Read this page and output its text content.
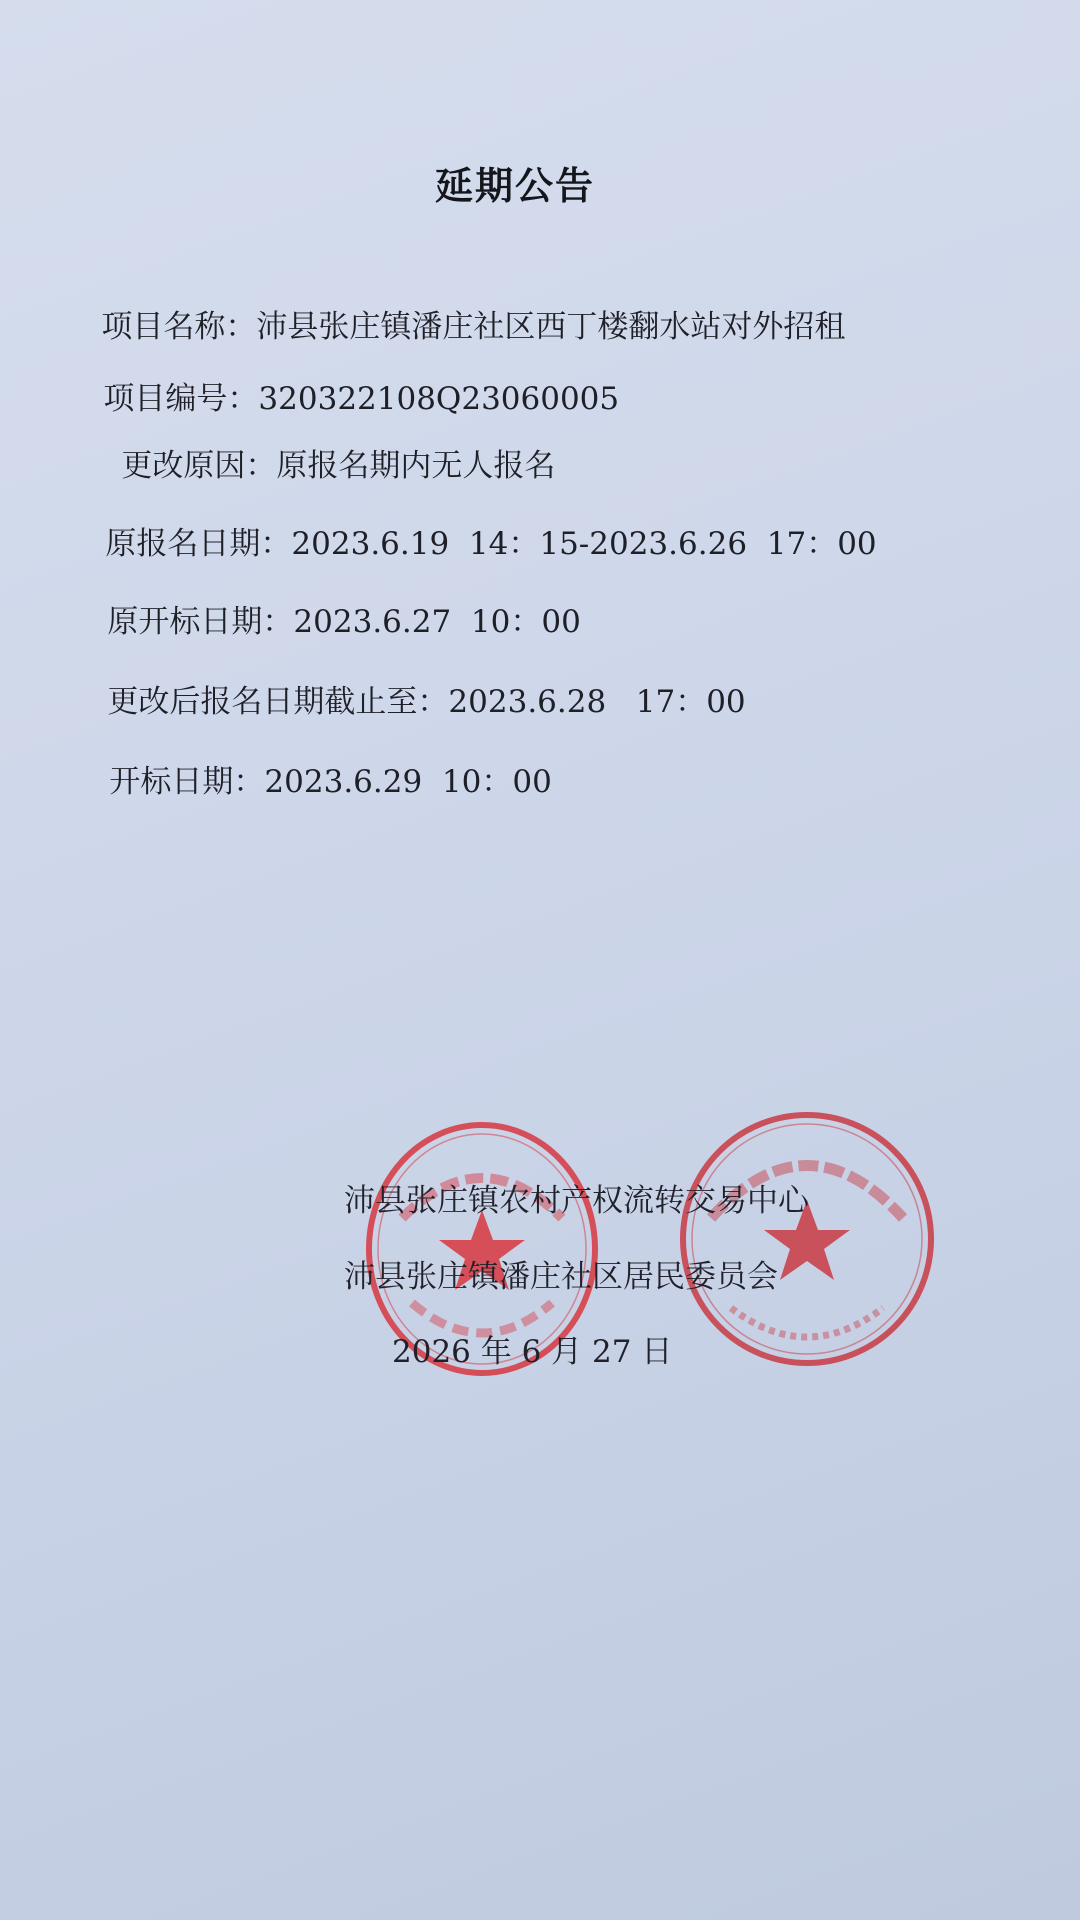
延期公告

项目名称：沛县张庄镇潘庄社区西丁楼翻水站对外招租

项目编号：320322108Q23060005

更改原因：原报名期内无人报名

原报名日期：2023.6.19  14：15-2023.6.26  17：00

原开标日期：2023.6.27  10：00

更改后报名日期截止至：2023.6.28   17：00

开标日期：2023.6.29  10：00

沛县张庄镇农村产权流转交易中心
沛县张庄镇潘庄社区居民委员会
2026 年 6 月 27 日
